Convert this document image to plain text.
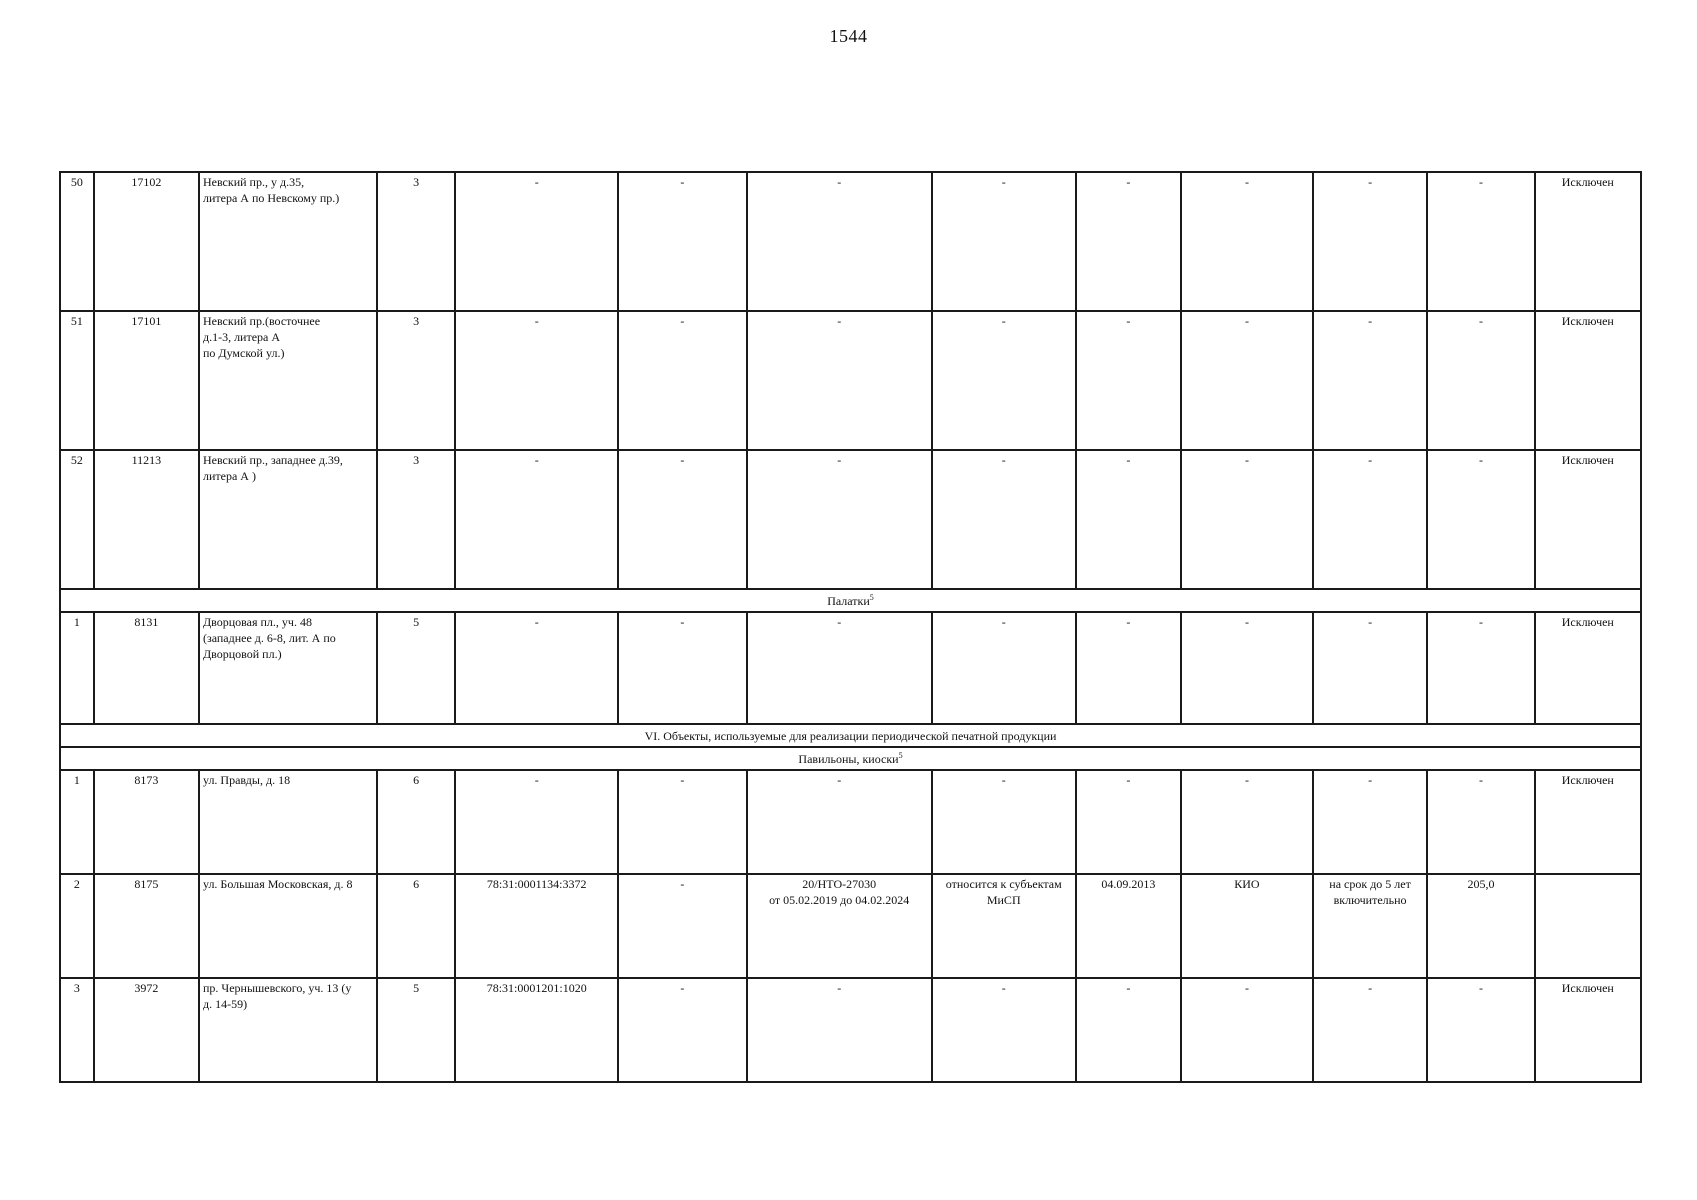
1544
50	17102	Невский пр., у д.35,
литера А по Невскому пр.)	3	-	-	-	-	-	-	-	-	Исключен
51	17101	Невский пр.(восточнее
д.1-3, литера А
по Думской ул.)	3	-	-	-	-	-	-	-	-	Исключен
52	11213	Невский пр., западнее д.39,
литера А )	3	-	-	-	-	-	-	-	-	Исключен
Палатки$^5$
1	8131	Дворцовая пл., уч. 48
(западнее д. 6-8, лит. А по
Дворцовой пл.)	5	-	-	-	-	-	-	-	-	Исключен
VI. Объекты, используемые для реализации периодической печатной продукции												
Павильоны, киоски$^5$
1	8173	ул. Правды, д. 18	6	-	-	-	-	-	-	-	-	Исключен
2	8175	ул. Большая Московская, д. 8	6	78:31:0001134:3372	-	20/НТО-27030
от 05.02.2019 до 04.02.2024	относится к субъектам
МиСП	04.09.2013	КИО	на срок до 5 лет
включительно	205,0	
3	3972	пр. Чернышевского, уч. 13 (у
д. 14-59)	5	78:31:0001201:1020	-	-	-	-	-	-	-	Исключен
